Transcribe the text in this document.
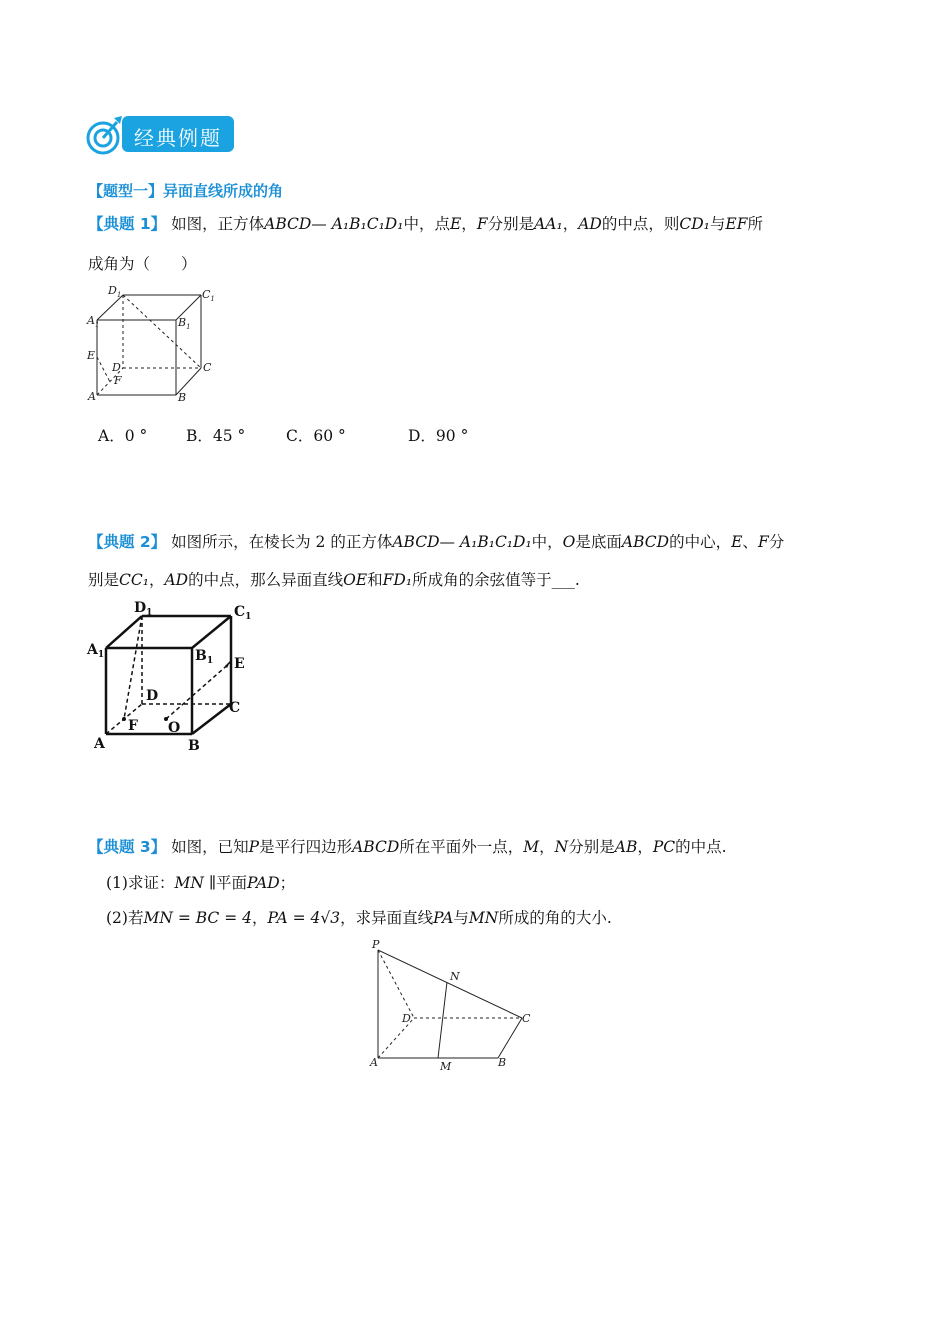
经典例题
【题型一】异面直线所成的角
【典题 1】 如图，正方体ABCD— A₁B₁C₁D₁中，点E，F分别是AA₁，AD的中点，则CD₁与EF所
成角为（　　）
$D_1$	$C_1$
$A_1$	$B_1$
E
D	C
F
A	B
A．0 °	B．45 °	C．60 °	D．90 °
【典题 2】 如图所示，在棱长为 2 的正方体ABCD— A₁B₁C₁D₁中，O是底面ABCD的中心，E、F分
别是CC₁，AD的中点，那么异面直线OE和FD₁所成角的余弦值等于___.
$D_1$	$C_1$
$A_1$	$B_1$ E
D
C
F O
A	B
【典题 3】 如图，已知P是平行四边形ABCD所在平面外一点，M，N分别是AB，PC的中点.
(1)求证：MN ∥平面PAD；
(2)若MN = BC = 4，PA = 4√3，求异面直线PA与MN所成的角的大小.
P
N
D	C
A	M	B
